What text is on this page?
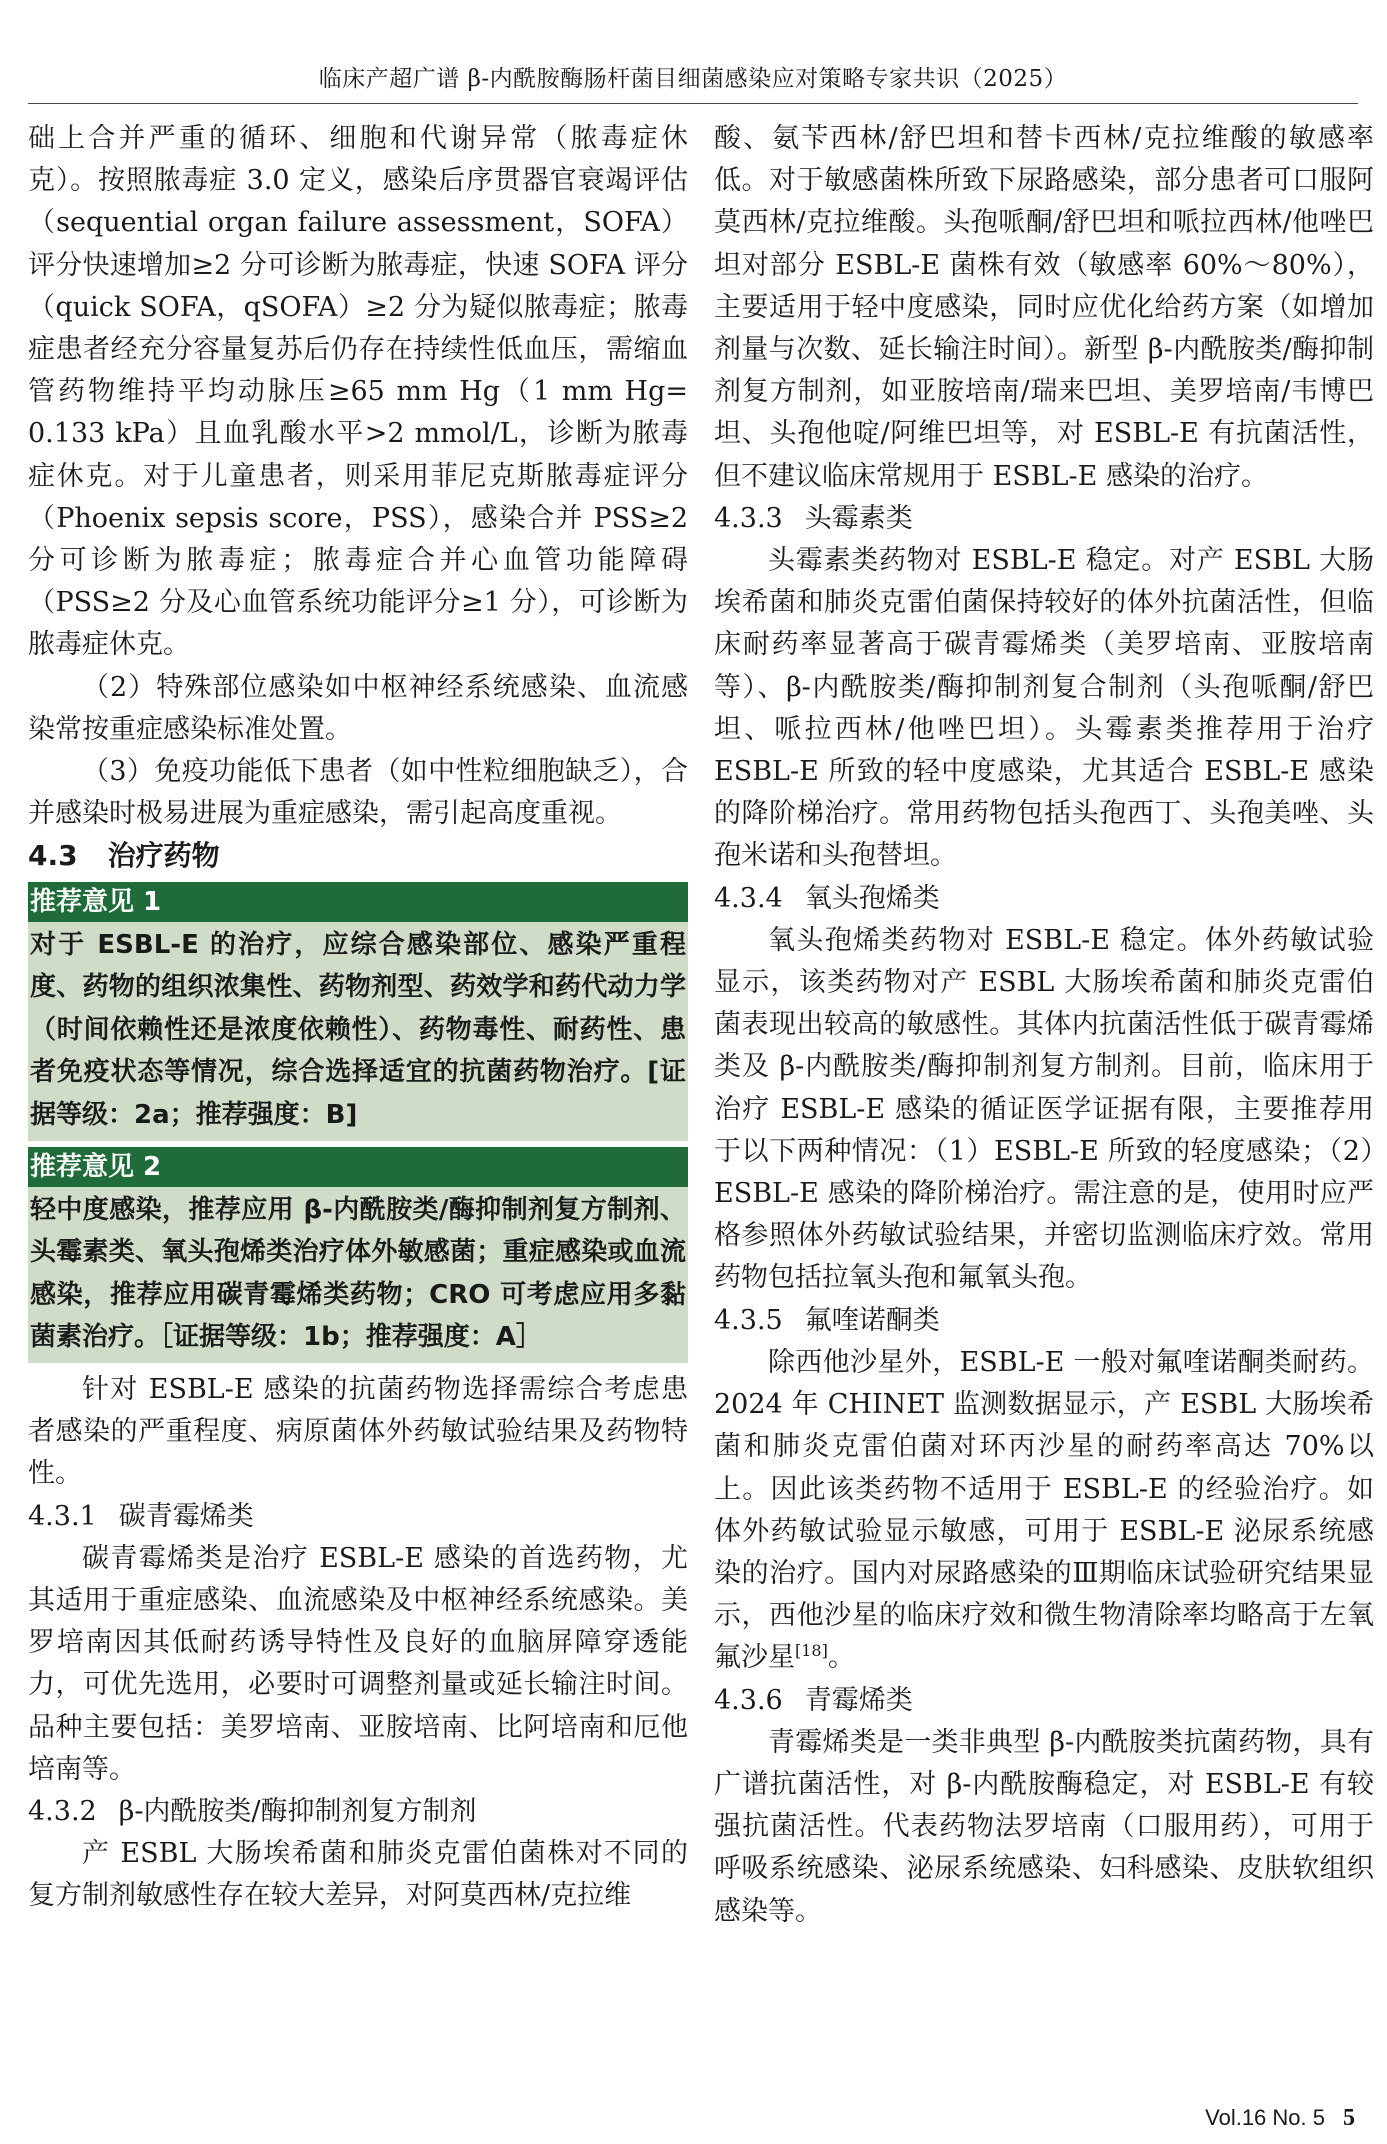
临床产超广谱 β-内酰胺酶肠杆菌目细菌感染应对策略专家共识（2025）

础上合并严重的循环、细胞和代谢异常（脓毒症休克）。按照脓毒症 3.0 定义，感染后序贯器官衰竭评估（sequential organ failure assessment，SOFA）评分快速增加≥2 分可诊断为脓毒症，快速 SOFA 评分（quick SOFA，qSOFA）≥2 分为疑似脓毒症；脓毒症患者经充分容量复苏后仍存在持续性低血压，需缩血管药物维持平均动脉压≥65 mm Hg（1 mm Hg= 0.133 kPa）且血乳酸水平>2 mmol/L，诊断为脓毒症休克。对于儿童患者，则采用菲尼克斯脓毒症评分（Phoenix sepsis score，PSS），感染合并 PSS≥2 分可诊断为脓毒症；脓毒症合并心血管功能障碍（PSS≥2 分及心血管系统功能评分≥1 分），可诊断为脓毒症休克。

（2）特殊部位感染如中枢神经系统感染、血流感染常按重症感染标准处置。

（3）免疫功能低下患者（如中性粒细胞缺乏），合并感染时极易进展为重症感染，需引起高度重视。

4.3 治疗药物
推荐意见 1
对于 ESBL-E 的治疗，应综合感染部位、感染严重程度、药物的组织浓集性、药物剂型、药效学和药代动力学（时间依赖性还是浓度依赖性）、药物毒性、耐药性、患者免疫状态等情况，综合选择适宜的抗菌药物治疗。[证据等级：2a；推荐强度：B]
推荐意见 2
轻中度感染，推荐应用 β-内酰胺类/酶抑制剂复方制剂、头霉素类、氧头孢烯类治疗体外敏感菌；重症感染或血流感染，推荐应用碳青霉烯类药物；CRO 可考虑应用多黏菌素治疗。［证据等级：1b；推荐强度：A］

针对 ESBL-E 感染的抗菌药物选择需综合考虑患者感染的严重程度、病原菌体外药敏试验结果及药物特性。

4.3.1 碳青霉烯类

碳青霉烯类是治疗 ESBL-E 感染的首选药物，尤其适用于重症感染、血流感染及中枢神经系统感染。美罗培南因其低耐药诱导特性及良好的血脑屏障穿透能力，可优先选用，必要时可调整剂量或延长输注时间。品种主要包括：美罗培南、亚胺培南、比阿培南和厄他培南等。

4.3.2 β-内酰胺类/酶抑制剂复方制剂

产 ESBL 大肠埃希菌和肺炎克雷伯菌株对不同的复方制剂敏感性存在较大差异，对阿莫西林/克拉维

酸、氨苄西林/舒巴坦和替卡西林/克拉维酸的敏感率低。对于敏感菌株所致下尿路感染，部分患者可口服阿莫西林/克拉维酸。头孢哌酮/舒巴坦和哌拉西林/他唑巴坦对部分 ESBL-E 菌株有效（敏感率 60%～80%），主要适用于轻中度感染，同时应优化给药方案（如增加剂量与次数、延长输注时间）。新型 β-内酰胺类/酶抑制剂复方制剂，如亚胺培南/瑞来巴坦、美罗培南/韦博巴坦、头孢他啶/阿维巴坦等，对 ESBL-E 有抗菌活性，但不建议临床常规用于 ESBL-E 感染的治疗。

4.3.3 头霉素类

头霉素类药物对 ESBL-E 稳定。对产 ESBL 大肠埃希菌和肺炎克雷伯菌保持较好的体外抗菌活性，但临床耐药率显著高于碳青霉烯类（美罗培南、亚胺培南等）、β-内酰胺类/酶抑制剂复合制剂（头孢哌酮/舒巴坦、哌拉西林/他唑巴坦）。头霉素类推荐用于治疗 ESBL-E 所致的轻中度感染，尤其适合 ESBL-E 感染的降阶梯治疗。常用药物包括头孢西丁、头孢美唑、头孢米诺和头孢替坦。

4.3.4 氧头孢烯类

氧头孢烯类药物对 ESBL-E 稳定。体外药敏试验显示，该类药物对产 ESBL 大肠埃希菌和肺炎克雷伯菌表现出较高的敏感性。其体内抗菌活性低于碳青霉烯类及 β-内酰胺类/酶抑制剂复方制剂。目前，临床用于治疗 ESBL-E 感染的循证医学证据有限，主要推荐用于以下两种情况：（1）ESBL-E 所致的轻度感染；（2）ESBL-E 感染的降阶梯治疗。需注意的是，使用时应严格参照体外药敏试验结果，并密切监测临床疗效。常用药物包括拉氧头孢和氟氧头孢。

4.3.5 氟喹诺酮类

除西他沙星外，ESBL-E 一般对氟喹诺酮类耐药。2024 年 CHINET 监测数据显示，产 ESBL 大肠埃希菌和肺炎克雷伯菌对环丙沙星的耐药率高达 70%以上。因此该类药物不适用于 ESBL-E 的经验治疗。如体外药敏试验显示敏感，可用于 ESBL-E 泌尿系统感染的治疗。国内对尿路感染的Ⅲ期临床试验研究结果显示，西他沙星的临床疗效和微生物清除率均略高于左氧氟沙星[18]。

4.3.6 青霉烯类

青霉烯类是一类非典型 β-内酰胺类抗菌药物，具有广谱抗菌活性，对 β-内酰胺酶稳定，对 ESBL-E 有较强抗菌活性。代表药物法罗培南（口服用药），可用于呼吸系统感染、泌尿系统感染、妇科感染、皮肤软组织感染等。

Vol.16 No. 5 5
